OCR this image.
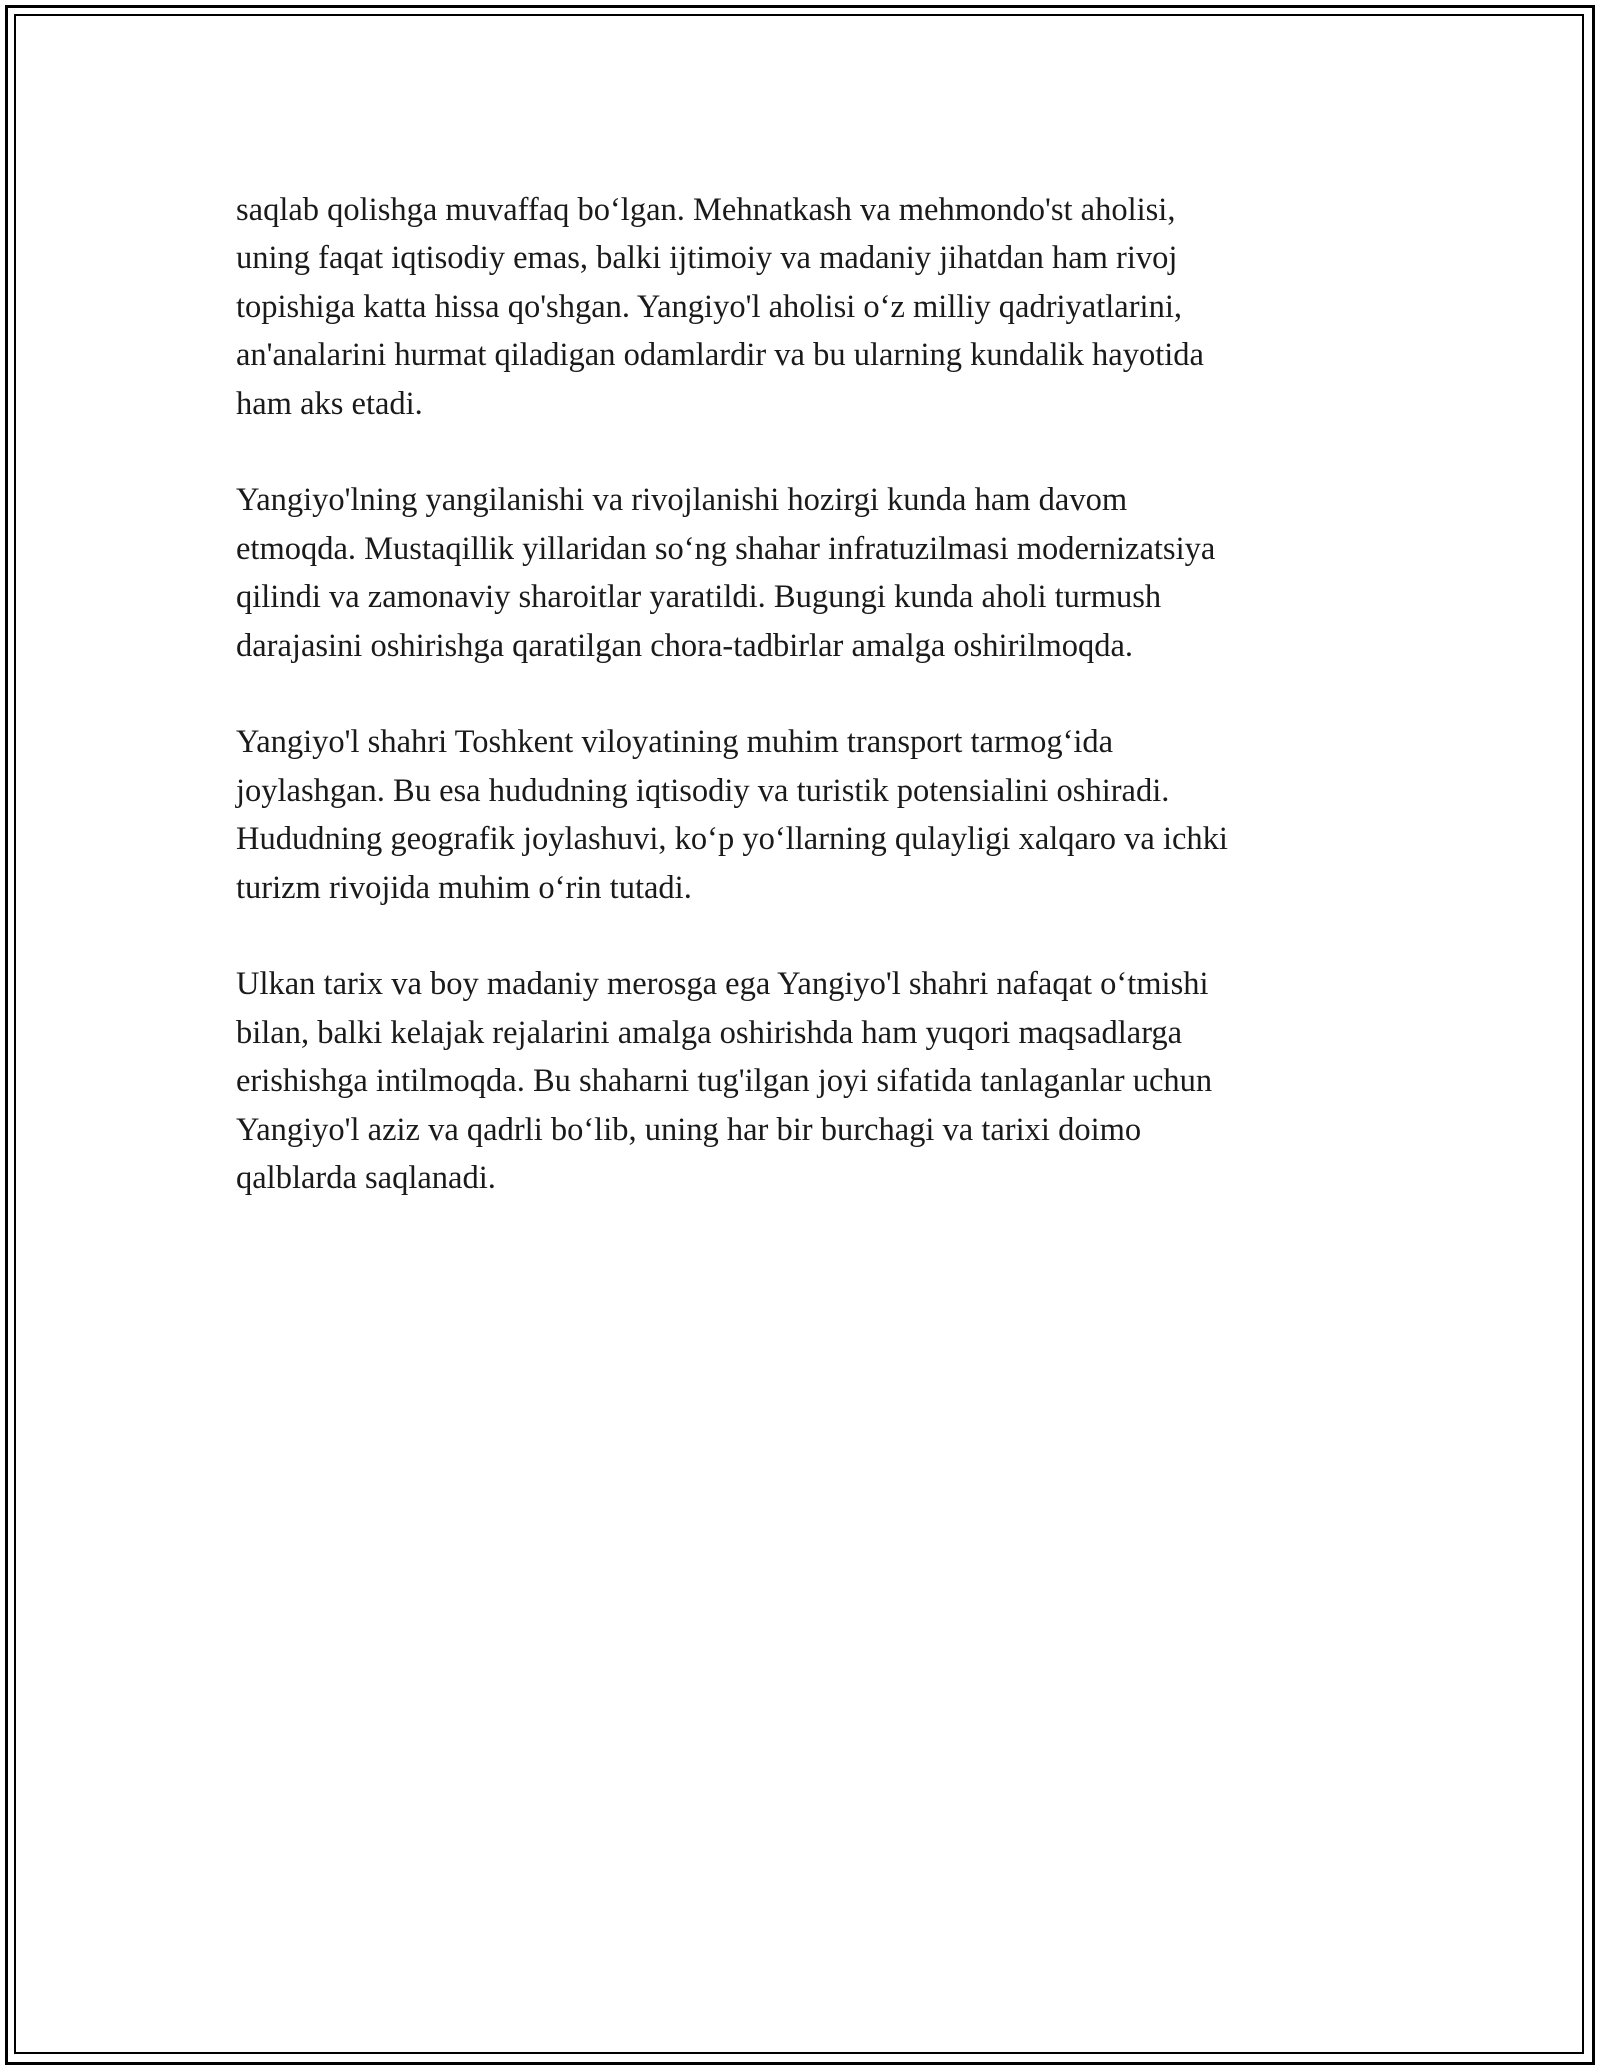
saqlab qolishga muvaffaq bo‘lgan. Mehnatkash va mehmondo'st aholisi,
uning faqat iqtisodiy emas, balki ijtimoiy va madaniy jihatdan ham rivoj
topishiga katta hissa qo'shgan. Yangiyo'l aholisi o‘z milliy qadriyatlarini,
an'analarini hurmat qiladigan odamlardir va bu ularning kundalik hayotida
ham aks etadi.
Yangiyo'lning yangilanishi va rivojlanishi hozirgi kunda ham davom
etmoqda. Mustaqillik yillaridan so‘ng shahar infratuzilmasi modernizatsiya
qilindi va zamonaviy sharoitlar yaratildi. Bugungi kunda aholi turmush
darajasini oshirishga qaratilgan chora-tadbirlar amalga oshirilmoqda.
Yangiyo'l shahri Toshkent viloyatining muhim transport tarmog‘ida
joylashgan. Bu esa hududning iqtisodiy va turistik potensialini oshiradi.
Hududning geografik joylashuvi, ko‘p yo‘llarning qulayligi xalqaro va ichki
turizm rivojida muhim o‘rin tutadi.
Ulkan tarix va boy madaniy merosga ega Yangiyo'l shahri nafaqat o‘tmishi
bilan, balki kelajak rejalarini amalga oshirishda ham yuqori maqsadlarga
erishishga intilmoqda. Bu shaharni tug'ilgan joyi sifatida tanlaganlar uchun
Yangiyo'l aziz va qadrli bo‘lib, uning har bir burchagi va tarixi doimo
qalblarda saqlanadi.
